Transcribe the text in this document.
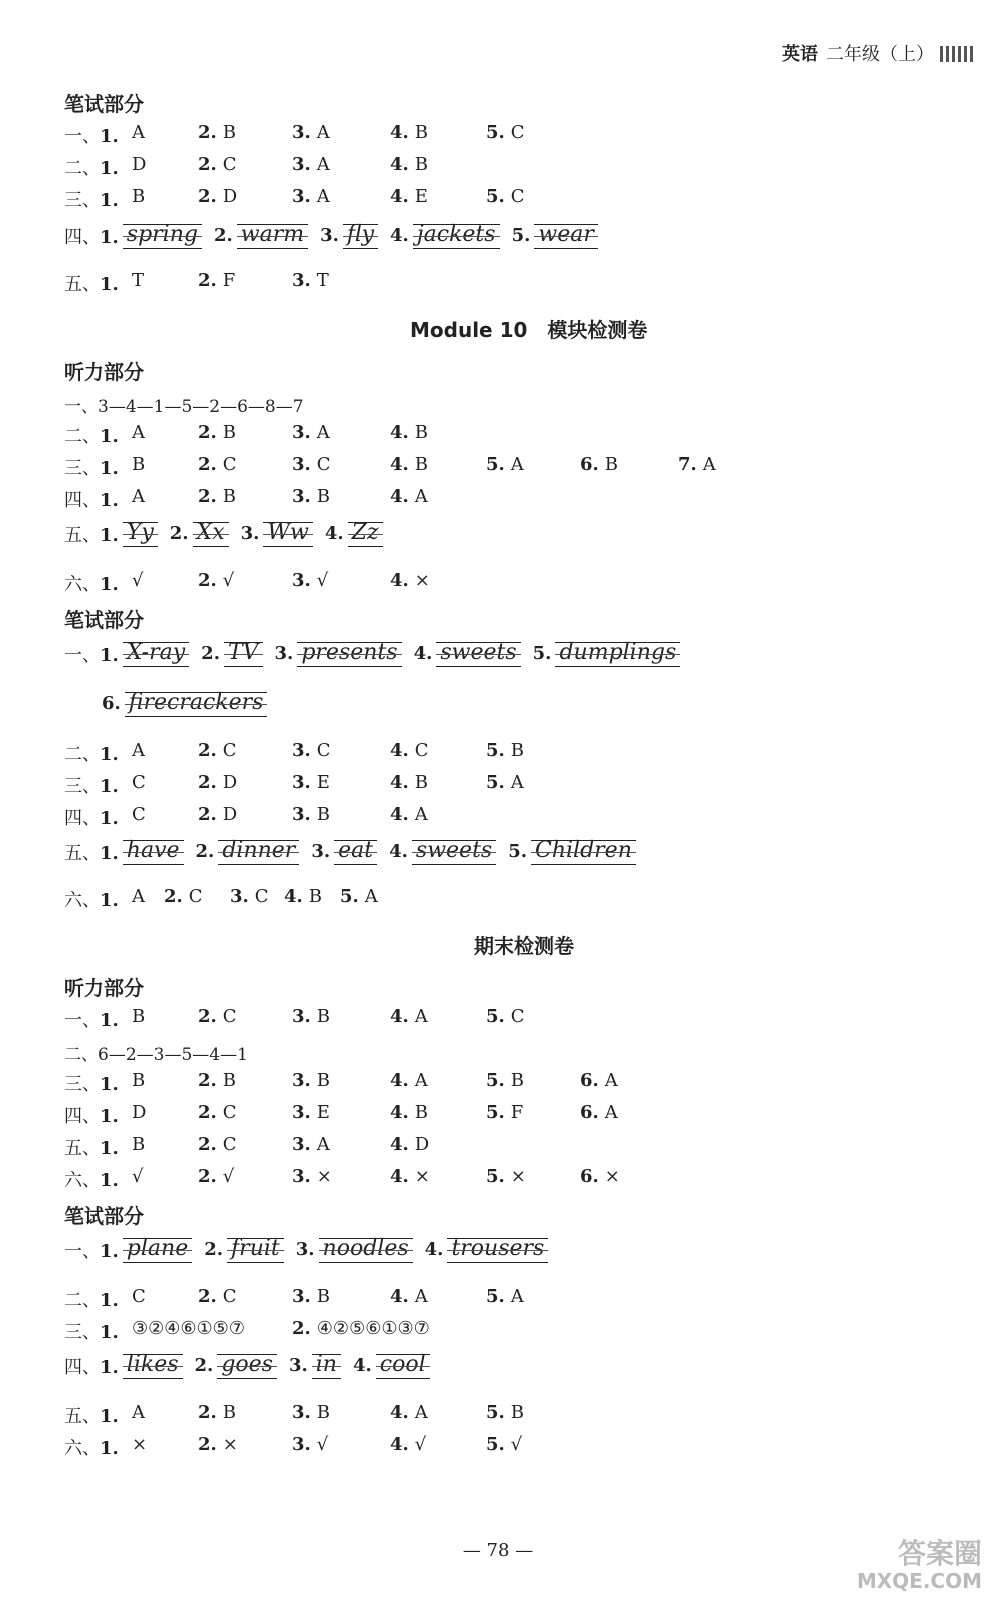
英语 二年级（上）
笔试部分
一、1. A	2. B	3. A	4. B	5. C
二、1. D	2. C	3. A	4. B
三、1. B	2. D	3. A	4. E	5. C
四、1. spring 2. warm 3. fly 4. jackets 5. wear
五、1. T	2. F	3. T
Module 10　模块检测卷
听力部分
一、3—4—1—5—2—6—8—7
二、1. A	2. B	3. A	4. B
三、1. B	2. C	3. C	4. B	5. A	6. B	7. A
四、1. A	2. B	3. B	4. A
五、1. Yy 2. Xx 3. Ww 4. Zz
六、1. √	2. √	3. √	4. ×
笔试部分
一、1. X-ray 2. TV 3. presents 4. sweets 5. dumplings
6. firecrackers
二、1. A	2. C	3. C	4. C	5. B
三、1. C	2. D	3. E	4. B	5. A
四、1. C	2. D	3. B	4. A
五、1. have 2. dinner 3. eat 4. sweets 5. Children
六、1. A 2. C 3. C 4. B 5. A
期末检测卷
听力部分
一、1. B	2. C	3. B	4. A	5. C
二、6—2—3—5—4—1
三、1. B	2. B	3. B	4. A	5. B	6. A
四、1. D	2. C	3. E	4. B	5. F	6. A
五、1. B	2. C	3. A	4. D
六、1. √	2. √	3. ×	4. ×	5. ×	6. ×
笔试部分
一、1. plane 2. fruit 3. noodles 4. trousers
二、1. C	2. C	3. B	4. A	5. A
三、1. ③②④⑥①⑤⑦	2. ④②⑤⑥①③⑦
四、1. likes 2. goes 3. in 4. cool
五、1. A	2. B	3. B	4. A	5. B
六、1. ×	2. ×	3. √	4. √	5. √
— 78 —	答案圈
MXQE.COM
